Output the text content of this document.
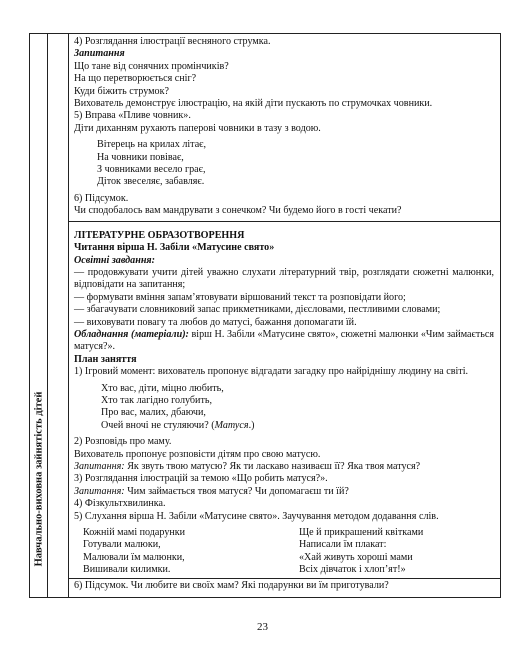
Навчально-виховна зайнятість дітей

4) Розглядання ілюстрації весняного струмка.

Запитання

Що тане від сонячних промінчиків?

На що перетворюється сніг?

Куди біжить струмок?

Вихователь демонструє ілюстрацію, на якій діти пускають по струмочках човники.

5) Вправа «Пливе човник».

Діти диханням рухають паперові човники в тазу з водою.

Вітерець на крилах літає,

На човники повіває,

З човниками весело грає,

Діток звеселяє, забавляє.

6) Підсумок.

Чи сподобалось вам мандрувати з сонечком? Чи будемо його в гості чекати?

ЛІТЕРАТУРНЕ ОБРАЗОТВОРЕННЯ

Читання вірша Н. Забіли «Матусине свято»

Освітні завдання:

— продовжувати учити дітей уважно слухати літературний твір, розглядати сюжетні малюнки, відповідати на запитання;

— формувати вміння запам’ятовувати віршований текст та розповідати його;

— збагачувати словниковий запас прикметниками, дієсловами, пестливими словами;

— виховувати повагу та любов до матусі, бажання допомагати їй.

Обладнання (матеріали): вірш Н. Забіли «Матусине свято», сюжетні малюнки «Чим займається матуся?».

План заняття

1) Ігровий момент: вихователь пропонує відгадати загадку про найріднішу людину на світі.

Хто вас, діти, міцно любить,

Хто так лагідно голубить,

Про вас, малих, дбаючи,

Очей вночі не стуляючи? (Матуся.)

2) Розповідь про маму.

Вихователь пропонує розповісти дітям про свою матусю.

Запитання: Як звуть твою матусю? Як ти ласкаво називаєш її? Яка твоя матуся?

3) Розглядання ілюстрацій за темою «Що робить матуся?».

Запитання: Чим займається твоя матуся? Чи допомагаєш ти їй?

4) Фізкультхвилинка.

5) Слухання вірша Н. Забіли «Матусине свято». Заучування методом додавання слів.

Кожній мамі подарунки

Готували малюки,

Малювали їм малюнки,

Вишивали килимки.

Ще й прикрашений квітками

Написали їм плакат:

«Хай живуть хороші мами

Всіх дівчаток і хлоп’ят!»

6) Підсумок. Чи любите ви своїх мам? Які подарунки ви їм приготували?

23
